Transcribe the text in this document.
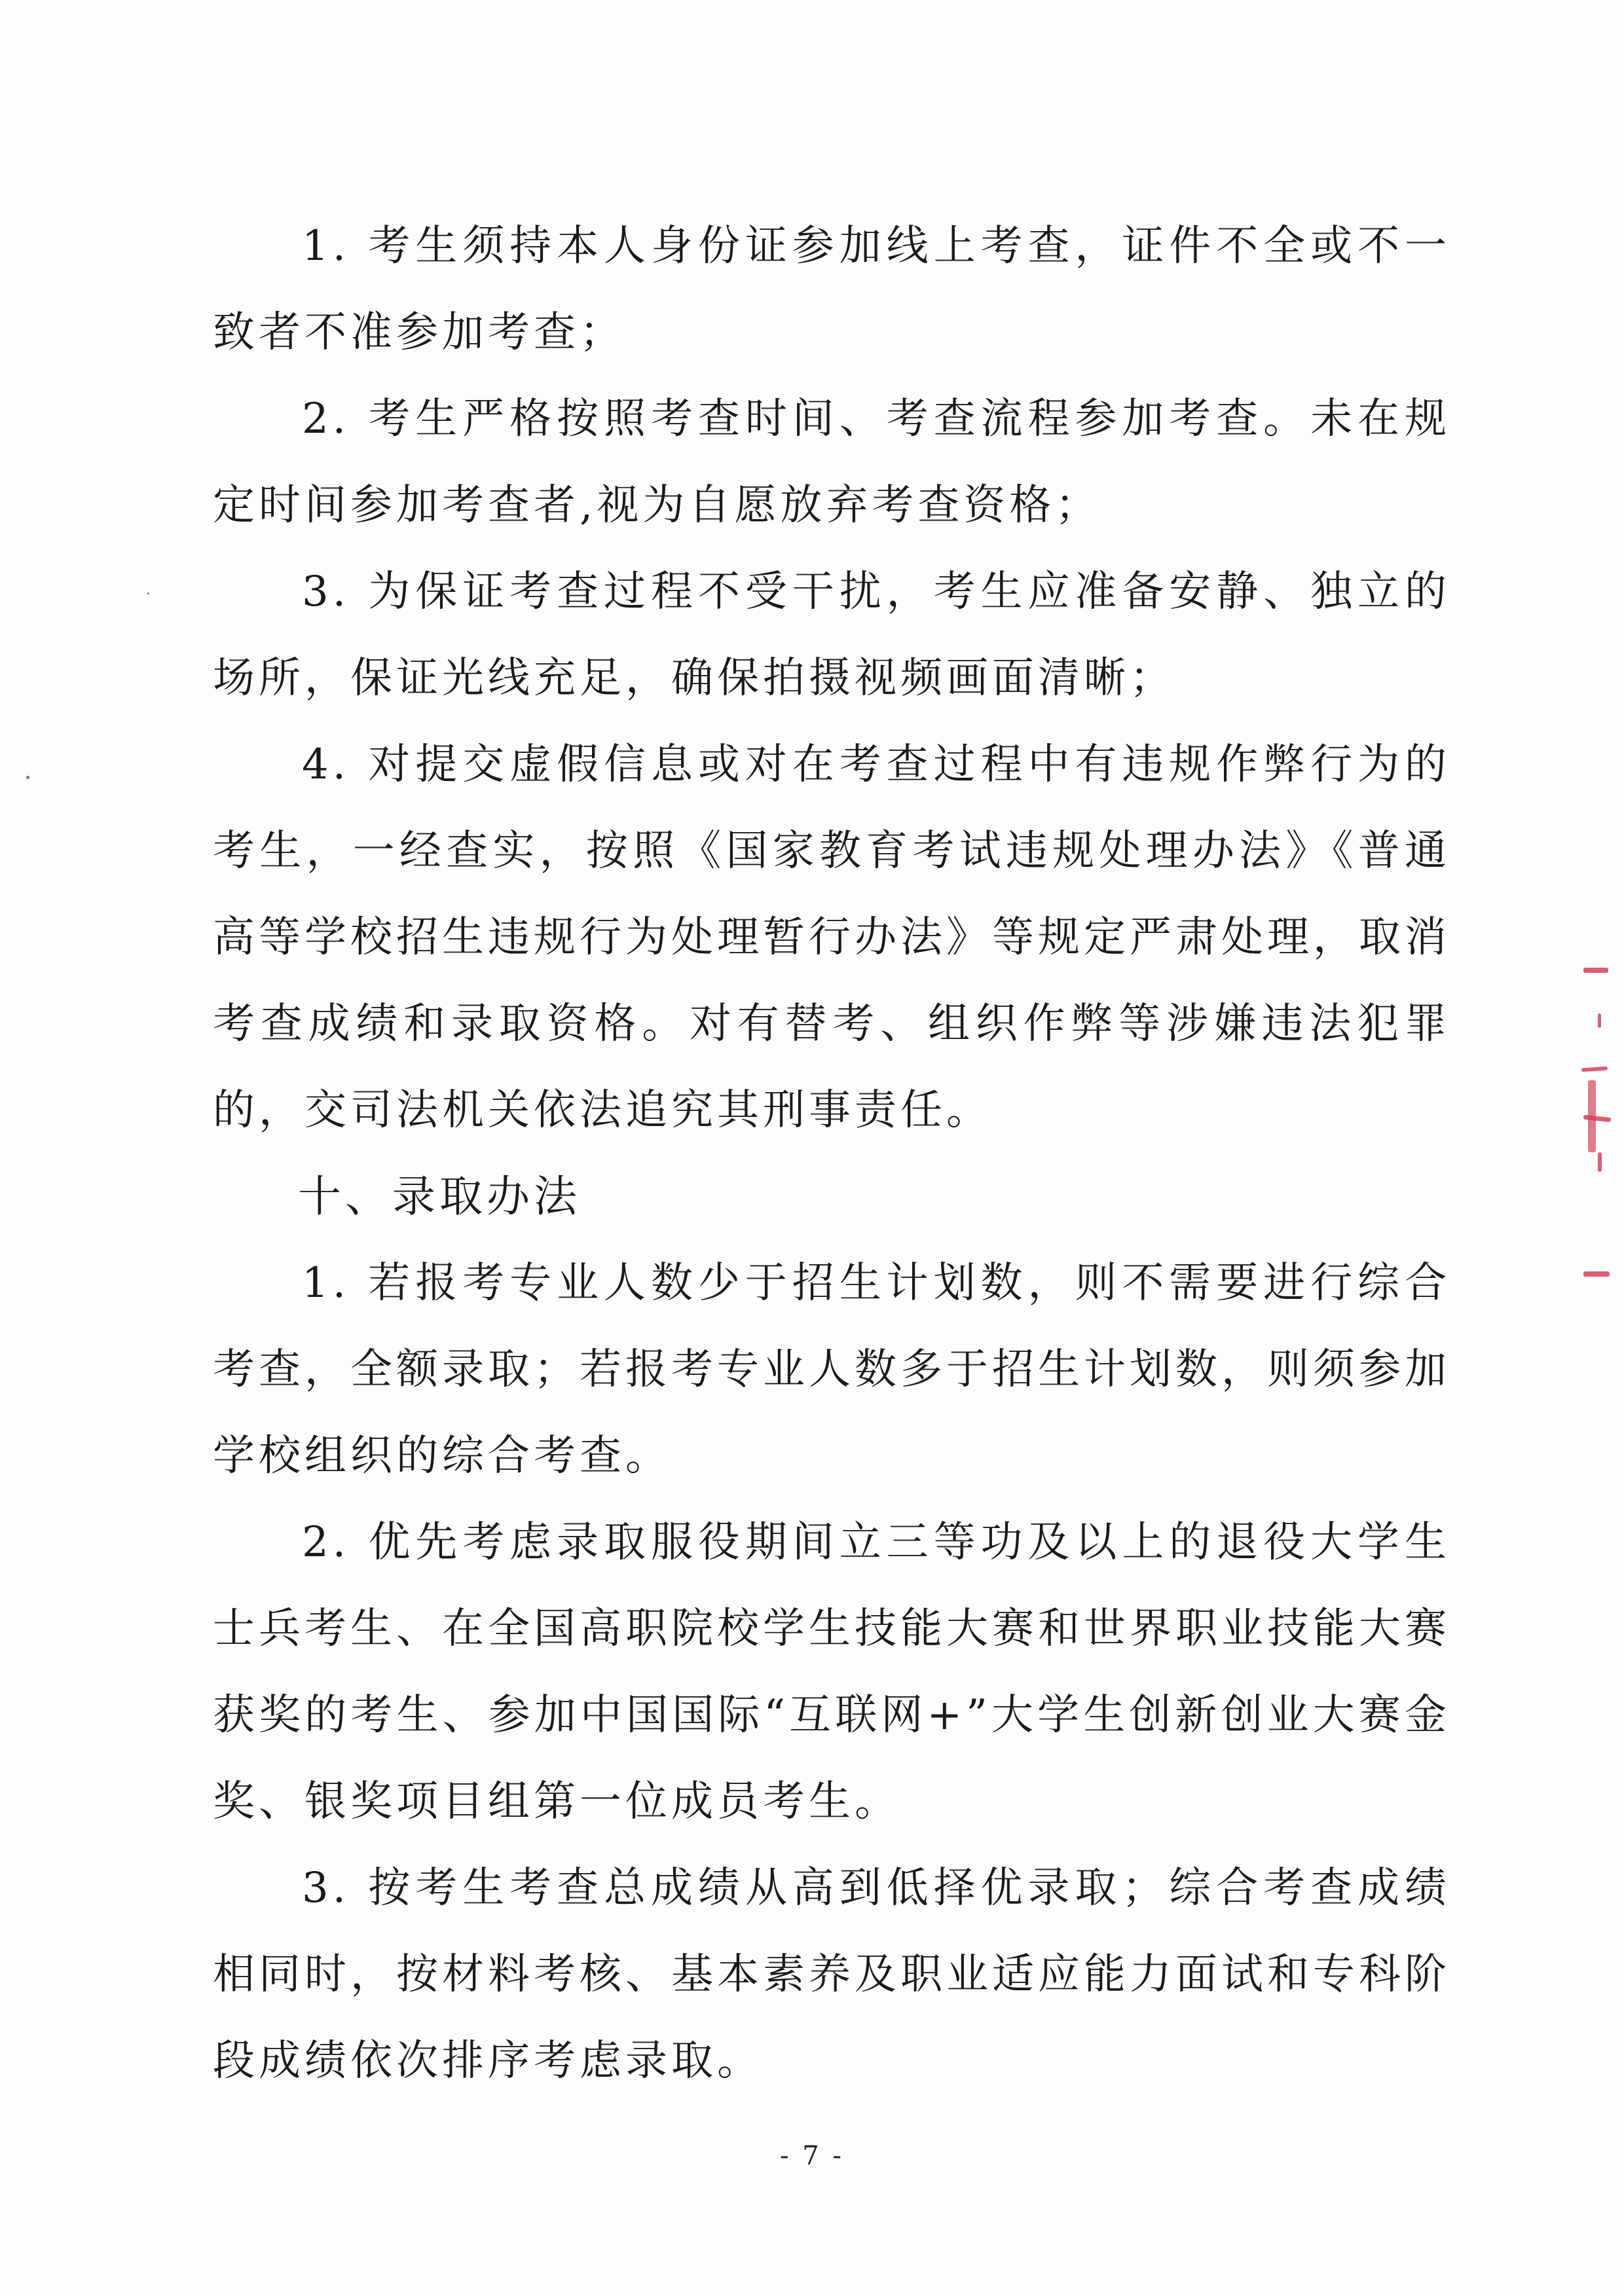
1. 考生须持本人身份证参加线上考查，证件不全或不一致者不准参加考查；

2. 考生严格按照考查时间、考查流程参加考查。未在规定时间参加考查者,视为自愿放弃考查资格；

3. 为保证考查过程不受干扰，考生应准备安静、独立的场所，保证光线充足，确保拍摄视频画面清晰；

4. 对提交虚假信息或对在考查过程中有违规作弊行为的考生，一经查实，按照《国家教育考试违规处理办法》《普通高等学校招生违规行为处理暂行办法》等规定严肃处理，取消考查成绩和录取资格。对有替考、组织作弊等涉嫌违法犯罪的，交司法机关依法追究其刑事责任。

十、录取办法

1. 若报考专业人数少于招生计划数，则不需要进行综合考查，全额录取；若报考专业人数多于招生计划数，则须参加学校组织的综合考查。

2. 优先考虑录取服役期间立三等功及以上的退役大学生士兵考生、在全国高职院校学生技能大赛和世界职业技能大赛获奖的考生、参加中国国际“互联网+”大学生创新创业大赛金奖、银奖项目组第一位成员考生。

3. 按考生考查总成绩从高到低择优录取；综合考查成绩相同时，按材料考核、基本素养及职业适应能力面试和专科阶段成绩依次排序考虑录取。

- 7 -
